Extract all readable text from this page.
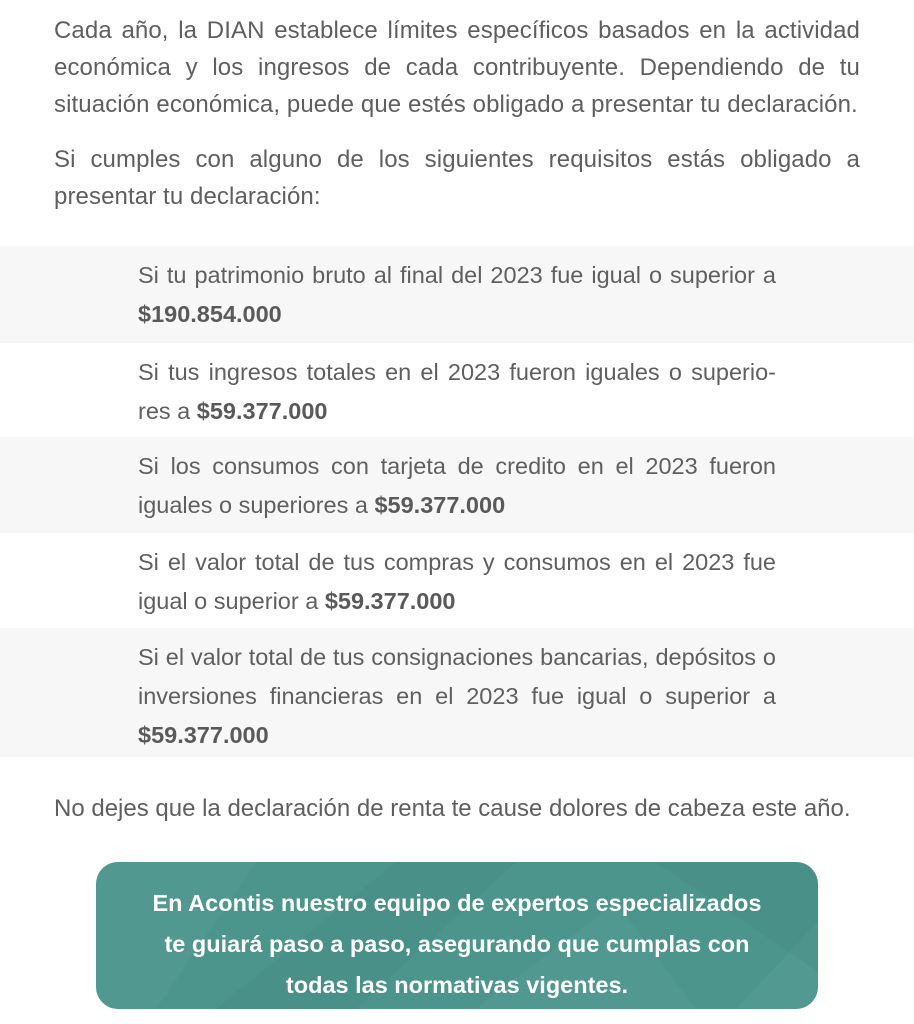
Cada año, la DIAN establece límites específicos basados en la actividad económica y los ingresos de cada contribuyente. Dependiendo de tu situación económica, puede que estés obligado a presentar tu declaración.

Si cumples con alguno de los siguientes requisitos estás obligado a presentar tu declaración:

Si tu patrimonio bruto al final del 2023 fue igual o superior a $190.854.000
Si tus ingresos totales en el 2023 fueron iguales o superio-res a $59.377.000
Si los consumos con tarjeta de credito en el 2023 fueron iguales o superiores a $59.377.000
Si el valor total de tus compras y consumos en el 2023 fue igual o superior a $59.377.000
Si el valor total de tus consignaciones bancarias, depósitos o inversiones financieras en el 2023 fue igual o superior a $59.377.000

No dejes que la declaración de renta te cause dolores de cabeza este año.

En Acontis nuestro equipo de expertos especializados
te guiará paso a paso, asegurando que cumplas con
todas las normativas vigentes.
